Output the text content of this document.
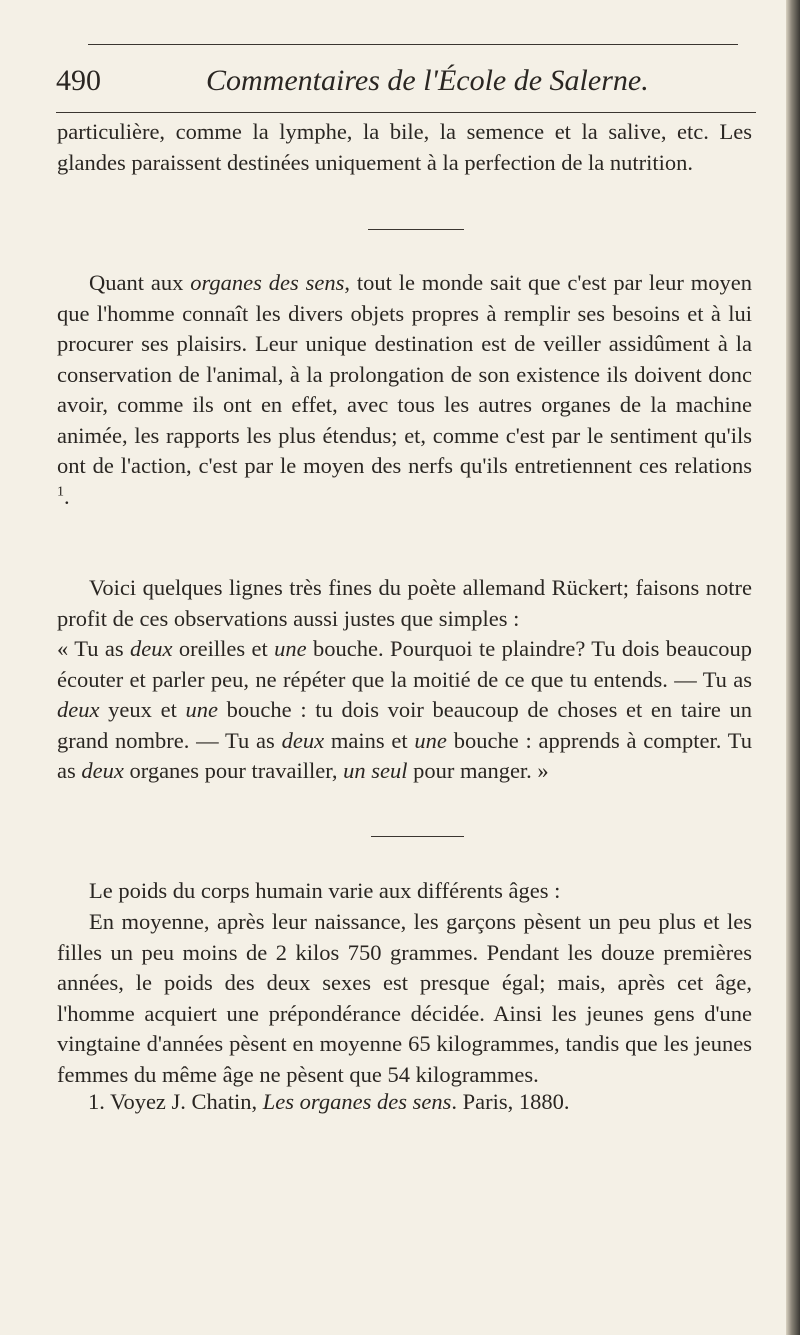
490	Commentaires de l'École de Salerne.

particulière, comme la lymphe, la bile, la semence et la salive, etc. Les glandes paraissent destinées uniquement à la perfection de la nutrition.

Quant aux organes des sens, tout le monde sait que c'est par leur moyen que l'homme connaît les divers objets propres à remplir ses besoins et à lui procurer ses plaisirs. Leur unique destination est de veiller assidûment à la conservation de l'animal, à la prolongation de son existence ils doivent donc avoir, comme ils ont en effet, avec tous les autres organes de la machine animée, les rapports les plus étendus; et, comme c'est par le sentiment qu'ils ont de l'action, c'est par le moyen des nerfs qu'ils entretiennent ces relations $^1$.

Voici quelques lignes très fines du poète allemand Rückert; faisons notre profit de ces observations aussi justes que simples :

« Tu as deux oreilles et une bouche. Pourquoi te plaindre? Tu dois beaucoup écouter et parler peu, ne répéter que la moitié de ce que tu entends. — Tu as deux yeux et une bouche : tu dois voir beaucoup de choses et en taire un grand nombre. — Tu as deux mains et une bouche : apprends à compter. Tu as deux organes pour travailler, un seul pour manger. »

Le poids du corps humain varie aux différents âges :

En moyenne, après leur naissance, les garçons pèsent un peu plus et les filles un peu moins de 2 kilos 750 grammes. Pendant les douze premières années, le poids des deux sexes est presque égal; mais, après cet âge, l'homme acquiert une prépondérance décidée. Ainsi les jeunes gens d'une vingtaine d'années pèsent en moyenne 65 kilogrammes, tandis que les jeunes femmes du même âge ne pèsent que 54 kilogrammes.

1. Voyez J. Chatin, Les organes des sens. Paris, 1880.
